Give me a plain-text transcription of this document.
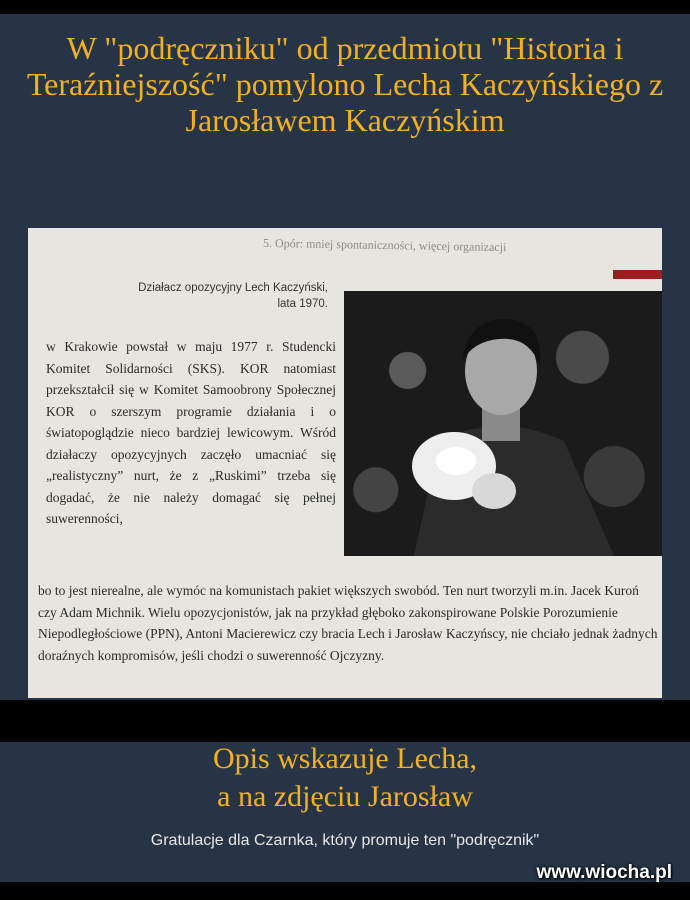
W "podręczniku" od przedmiotu "Historia i Teraźniejszość" pomylono Lecha Kaczyńskiego z Jarosławem Kaczyńskim
5. Opór: mniej spontaniczności, więcej organizacji
Działacz opozycyjny Lech Kaczyński,
lata 1970.
w Krakowie powstał w maju 1977 r. Studencki Komitet Solidarności (SKS). KOR natomiast przekształcił się w Komitet Samoobrony Społecznej KOR o szerszym programie działania i o światopoglądzie nieco bardziej lewicowym. Wśród działaczy opozycyjnych zaczęło umacniać się „realistyczny” nurt, że z „Ruskimi” trzeba się dogadać, że nie należy domagać się pełnej suwerenności,
bo to jest nierealne, ale wymóc na komunistach pakiet większych swobód. Ten nurt tworzyli m.in. Jacek Kuroń czy Adam Michnik. Wielu opozycjonistów, jak na przykład głęboko zakonspirowane Polskie Porozumienie Niepodległościowe (PPN), Antoni Macierewicz czy bracia Lech i Jarosław Kaczyńscy, nie chciało jednak żadnych doraźnych kompromisów, jeśli chodzi o suwerenność Ojczyzny.
Opis wskazuje Lecha,
a na zdjęciu Jarosław
Gratulacje dla Czarnka, który promuje ten "podręcznik"
www.wiocha.pl
